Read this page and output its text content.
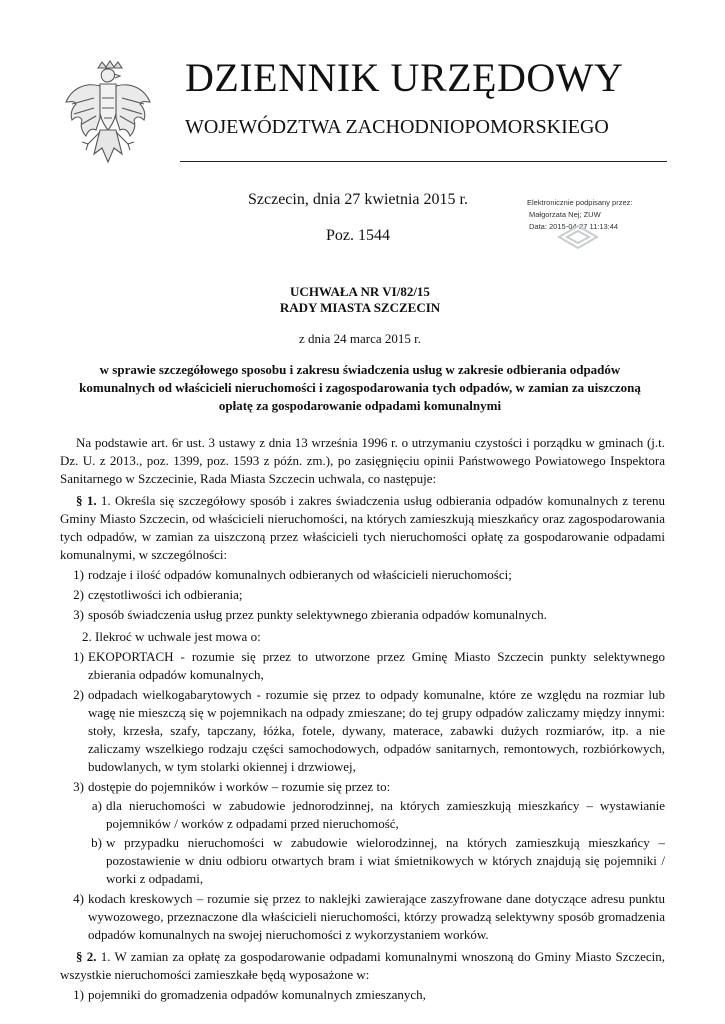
DZIENNIK URZĘDOWY
WOJEWÓDZTWA ZACHODNIOPOMORSKIEGO
Szczecin, dnia 27 kwietnia 2015 r.
Poz. 1544
Elektronicznie podpisany przez:
Małgorzata Nej; ZUW
Data: 2015-04-27 11:13:44
UCHWAŁA NR VI/82/15
RADY MIASTA SZCZECIN
z dnia 24 marca 2015 r.
w sprawie szczegółowego sposobu i zakresu świadczenia usług w zakresie odbierania odpadów komunalnych od właścicieli nieruchomości i zagospodarowania tych odpadów, w zamian za uiszczoną opłatę za gospodarowanie odpadami komunalnymi

Na podstawie art. 6r ust. 3 ustawy z dnia 13 września 1996 r. o utrzymaniu czystości i porządku w gminach (j.t. Dz. U. z 2013., poz. 1399, poz. 1593 z późn. zm.), po zasięgnięciu opinii Państwowego Powiatowego Inspektora Sanitarnego w Szczecinie, Rada Miasta Szczecin uchwala, co następuje:

§ 1. 1. Określa się szczegółowy sposób i zakres świadczenia usług odbierania odpadów komunalnych z terenu Gminy Miasto Szczecin, od właścicieli nieruchomości, na których zamieszkują mieszkańcy oraz zagospodarowania tych odpadów, w zamian za uiszczoną przez właścicieli tych nieruchomości opłatę za gospodarowanie odpadami komunalnymi, w szczególności:

1) rodzaje i ilość odpadów komunalnych odbieranych od właścicieli nieruchomości;
2) częstotliwości ich odbierania;
3) sposób świadczenia usług przez punkty selektywnego zbierania odpadów komunalnych.

2. Ilekroć w uchwale jest mowa o:

1) EKOPORTACH - rozumie się przez to utworzone przez Gminę Miasto Szczecin punkty selektywnego zbierania odpadów komunalnych,
2) odpadach wielkogabarytowych - rozumie się przez to odpady komunalne, które ze względu na rozmiar lub wagę nie mieszczą się w pojemnikach na odpady zmieszane; do tej grupy odpadów zaliczamy między innymi: stoły, krzesła, szafy, tapczany, łóżka, fotele, dywany, materace, zabawki dużych rozmiarów, itp. a nie zaliczamy wszelkiego rodzaju części samochodowych, odpadów sanitarnych, remontowych, rozbiórkowych, budowlanych, w tym stolarki okiennej i drzwiowej,
3) dostępie do pojemników i worków – rozumie się przez to:
a) dla nieruchomości w zabudowie jednorodzinnej, na których zamieszkują mieszkańcy – wystawianie pojemników / worków z odpadami przed nieruchomość,
b) w przypadku nieruchomości w zabudowie wielorodzinnej, na których zamieszkują mieszkańcy – pozostawienie w dniu odbioru otwartych bram i wiat śmietnikowych w których znajdują się pojemniki / worki z odpadami,
4) kodach kreskowych – rozumie się przez to naklejki zawierające zaszyfrowane dane dotyczące adresu punktu wywozowego, przeznaczone dla właścicieli nieruchomości, którzy prowadzą selektywny sposób gromadzenia odpadów komunalnych na swojej nieruchomości z wykorzystaniem worków.

§ 2. 1. W zamian za opłatę za gospodarowanie odpadami komunalnymi wnoszoną do Gminy Miasto Szczecin, wszystkie nieruchomości zamieszkałe będą wyposażone w:

1) pojemniki do gromadzenia odpadów komunalnych zmieszanych,
